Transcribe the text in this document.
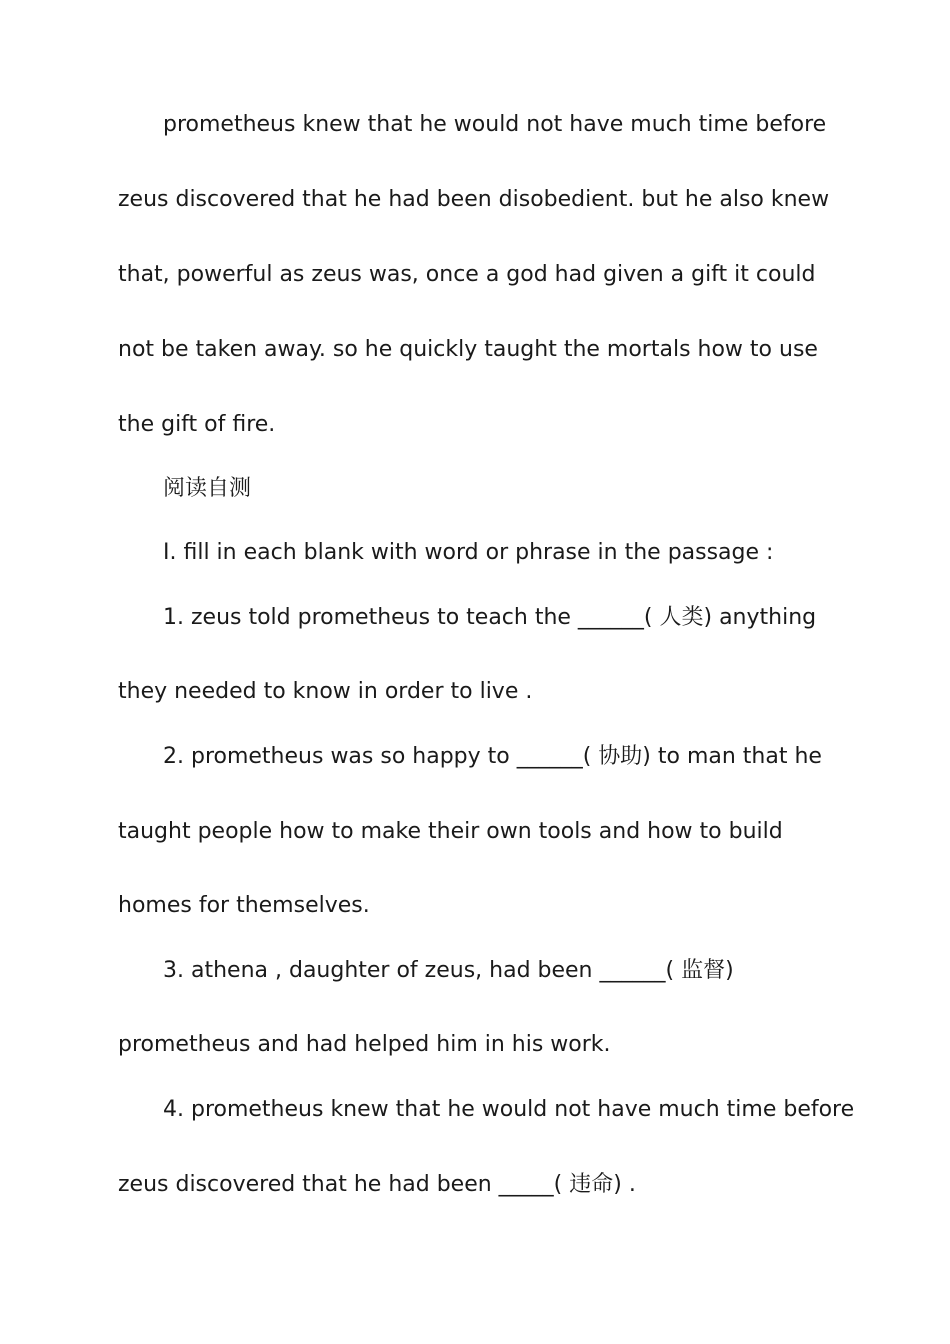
prometheus knew that he would not have much time before
zeus discovered that he had been disobedient. but he also knew
that, powerful as zeus was, once a god had given a gift it could
not be taken away. so he quickly taught the mortals how to use
the gift of fire.
阅读自测
Ⅰ. fill in each blank with word or phrase in the passage :
1. zeus told prometheus to teach the ______( 人类) anything
they needed to know in order to live .
2. prometheus was so happy to ______( 协助) to man that he
taught people how to make their own tools and how to build
homes for themselves.
3. athena , daughter of zeus, had been ______( 监督)
prometheus and had helped him in his work.
4. prometheus knew that he would not have much time before
zeus discovered that he had been _____( 违命) .
